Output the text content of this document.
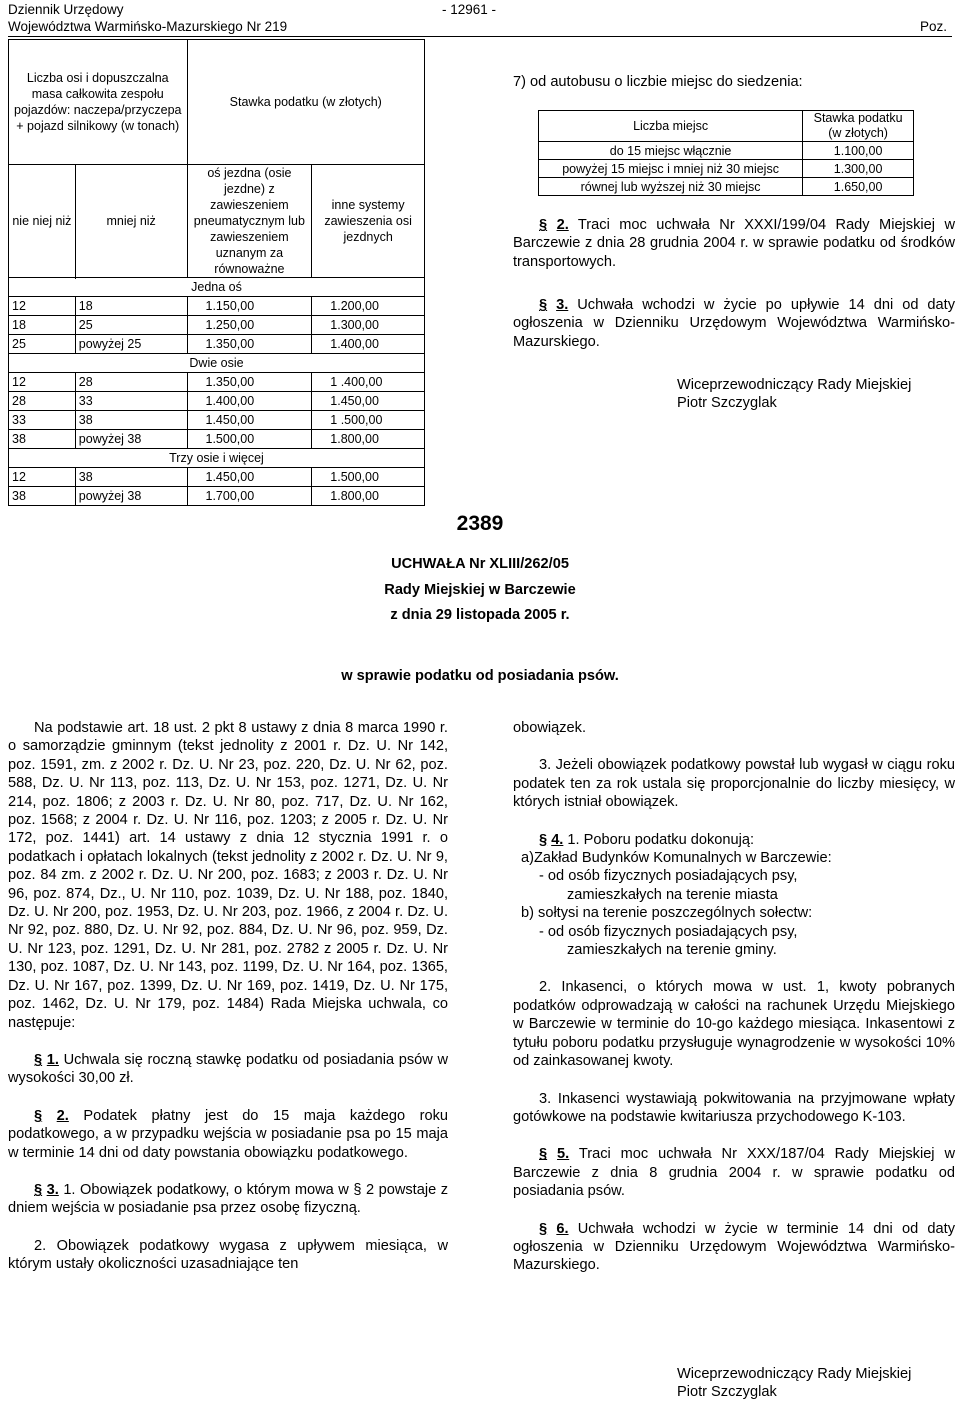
Dziennik Urzędowy
Województwa Warmińsko-Mazurskiego Nr 219
- 12961 -
Poz.
Liczba osi i dopuszczalna masa całkowita zespołu pojazdów: naczepa/przyczepa + pojazd silnikowy (w tonach)		Stawka podatku (w złotych)	
nie niej niż	mniej niż	oś jezdna (osie jezdne) z zawieszeniem pneumatycznym lub zawieszeniem uznanym za równoważne	inne systemy zawieszenia osi jezdnych

Jedna oś			
12	18	1.150,00	1.200,00
18	25	1.250,00	1.300,00
25	powyżej 25	1.350,00	1.400,00
Dwie osie			
12	28	1.350,00	1 .400,00
28	33	1.400,00	1.450,00
33	38	1.450,00	1 .500,00
38	powyżej 38	1.500,00	1.800,00
Trzy osie i więcej			
12	38	1.450,00	1.500,00
38	powyżej 38	1.700,00	1.800,00
7) od autobusu o liczbie miejsc do siedzenia:
Liczba miejsc	Stawka podatku (w złotych)
do 15 miejsc włącznie	1.100,00
powyżej 15 miejsc i mniej niż 30 miejsc	1.300,00
równej lub wyższej niż 30 miejsc	1.650,00
§ 2. Traci moc uchwała Nr XXXI/199/04 Rady Miejskiej w Barczewie z dnia 28 grudnia 2004 r. w sprawie podatku od środków transportowych.
§ 3. Uchwała wchodzi w życie po upływie 14 dni od daty ogłoszenia w Dzienniku Urzędowym Województwa Warmińsko-Mazurskiego.
Wiceprzewodniczący Rady Miejskiej
Piotr Szczyglak
2389
UCHWAŁA Nr XLIII/262/05
Rady Miejskiej w Barczewie
z dnia 29 listopada 2005 r.
w sprawie podatku od posiadania psów.

Na podstawie art. 18 ust. 2 pkt 8 ustawy z dnia 8 marca 1990 r. o samorządzie gminnym (tekst jednolity z 2001 r. Dz. U. Nr 142, poz. 1591, zm. z 2002 r. Dz. U. Nr 23, poz. 220, Dz. U. Nr 62, poz. 588, Dz. U. Nr 113, poz. 113, Dz. U. Nr 153, poz. 1271, Dz. U. Nr 214, poz. 1806; z 2003 r. Dz. U. Nr 80, poz. 717, Dz. U. Nr 162, poz. 1568; z 2004 r. Dz. U. Nr 116, poz. 1203; z 2005 r. Dz. U. Nr 172, poz. 1441) art. 14 ustawy z dnia 12 stycznia 1991 r. o podatkach i opłatach lokalnych (tekst jednolity z 2002 r. Dz. U. Nr 9, poz. 84 zm. z 2002 r. Dz. U. Nr 200, poz. 1683; z 2003 r. Dz. U. Nr 96, poz. 874, Dz., U. Nr 110, poz. 1039, Dz. U. Nr 188, poz. 1840, Dz. U. Nr 200, poz. 1953, Dz. U. Nr 203, poz. 1966, z 2004 r. Dz. U. Nr 92, poz. 880, Dz. U. Nr 92, poz. 884, Dz. U. Nr 96, poz. 959, Dz. U. Nr 123, poz. 1291, Dz. U. Nr 281, poz. 2782 z 2005 r. Dz. U. Nr 130, poz. 1087, Dz. U. Nr 143, poz. 1199, Dz. U. Nr 164, poz. 1365, Dz. U. Nr 167, poz. 1399, Dz. U. Nr 169, poz. 1419, Dz. U. Nr 175, poz. 1462, Dz. U. Nr 179, poz. 1484) Rada Miejska uchwala, co następuje:

§ 1. Uchwala się roczną stawkę podatku od posiadania psów w wysokości 30,00 zł.

§ 2. Podatek płatny jest do 15 maja każdego roku podatkowego, a w przypadku wejścia w posiadanie psa po 15 maja w terminie 14 dni od daty powstania obowiązku podatkowego.

§ 3. 1. Obowiązek podatkowy, o którym mowa w § 2 powstaje z dniem wejścia w posiadanie psa przez osobę fizyczną.

2. Obowiązek podatkowy wygasa z upływem miesiąca, w którym ustały okoliczności uzasadniające ten

obowiązek.

3. Jeżeli obowiązek podatkowy powstał lub wygasł w ciągu roku podatek ten za rok ustala się proporcjonalnie do liczby miesięcy, w których istniał obowiązek.

§ 4. 1. Poboru podatku dokonują:

a)Zakład Budynków Komunalnych w Barczewie:

- od osób fizycznych posiadających psy,

zamieszkałych na terenie miasta

b) sołtysi na terenie poszczególnych sołectw:

- od osób fizycznych posiadających psy,

zamieszkałych na terenie gminy.

2. Inkasenci, o których mowa w ust. 1, kwoty pobranych podatków odprowadzają w całości na rachunek Urzędu Miejskiego w Barczewie w terminie do 10-go każdego miesiąca. Inkasentowi z tytułu poboru podatku przysługuje wynagrodzenie w wysokości 10% od zainkasowanej kwoty.

3. Inkasenci wystawiają pokwitowania na przyjmowane wpłaty gotówkowe na podstawie kwitariusza przychodowego K-103.

§ 5. Traci moc uchwała Nr XXX/187/04 Rady Miejskiej w Barczewie z dnia 8 grudnia 2004 r. w sprawie podatku od posiadania psów.

§ 6. Uchwała wchodzi w życie w terminie 14 dni od daty ogłoszenia w Dzienniku Urzędowym Województwa Warmińsko-Mazurskiego.

Wiceprzewodniczący Rady Miejskiej
Piotr Szczyglak
